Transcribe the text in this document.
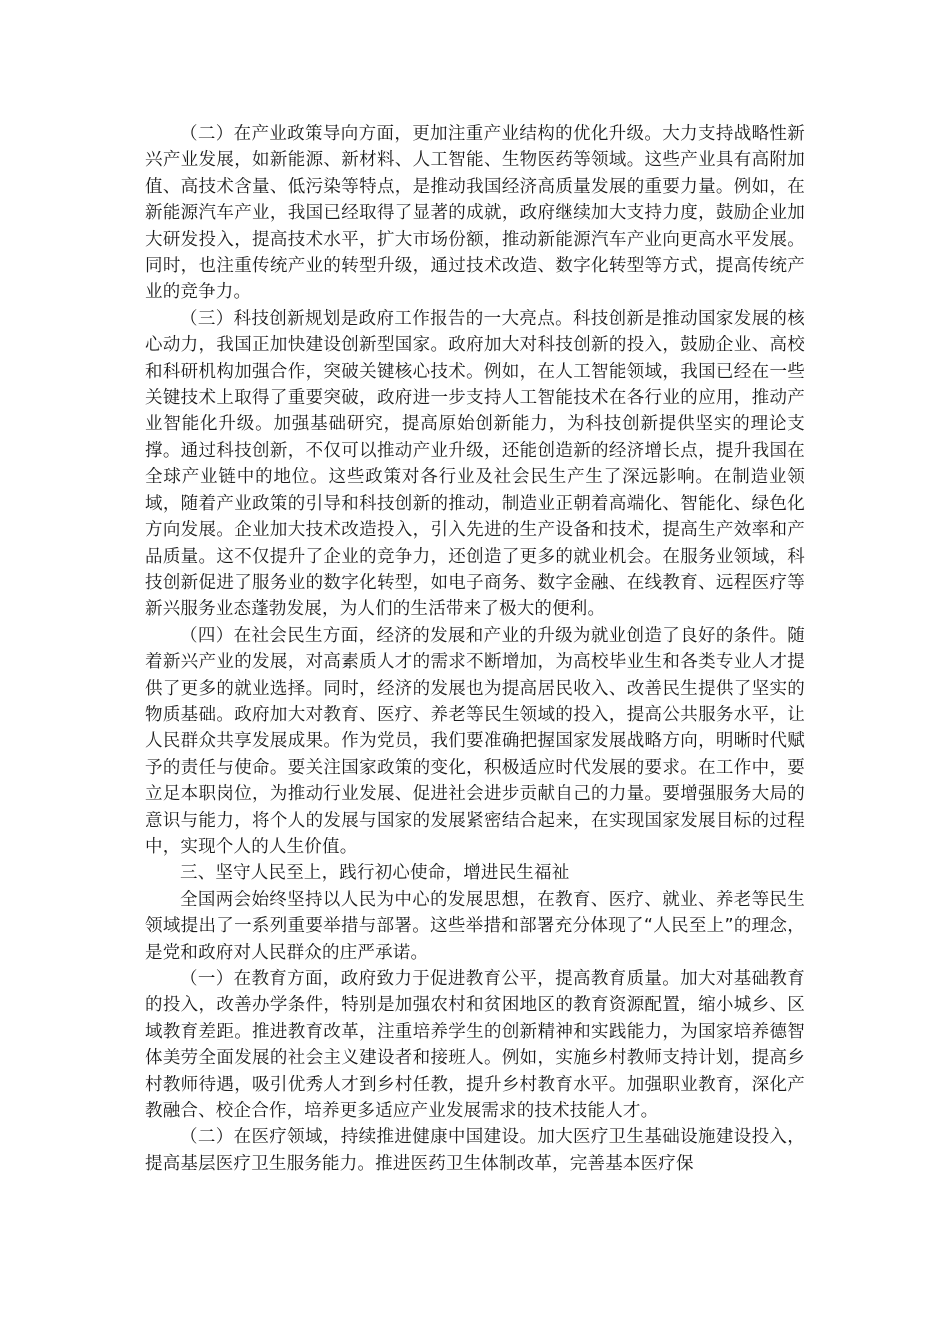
（二）在产业政策导向方面，更加注重产业结构的优化升级。大力支持战略性新兴产业发展，如新能源、新材料、人工智能、生物医药等领域。这些产业具有高附加值、高技术含量、低污染等特点，是推动我国经济高质量发展的重要力量。例如，在新能源汽车产业，我国已经取得了显著的成就，政府继续加大支持力度，鼓励企业加大研发投入，提高技术水平，扩大市场份额，推动新能源汽车产业向更高水平发展。同时，也注重传统产业的转型升级，通过技术改造、数字化转型等方式，提高传统产业的竞争力。

（三）科技创新规划是政府工作报告的一大亮点。科技创新是推动国家发展的核心动力，我国正加快建设创新型国家。政府加大对科技创新的投入，鼓励企业、高校和科研机构加强合作，突破关键核心技术。例如，在人工智能领域，我国已经在一些关键技术上取得了重要突破，政府进一步支持人工智能技术在各行业的应用，推动产业智能化升级。加强基础研究，提高原始创新能力，为科技创新提供坚实的理论支撑。通过科技创新，不仅可以推动产业升级，还能创造新的经济增长点，提升我国在全球产业链中的地位。这些政策对各行业及社会民生产生了深远影响。在制造业领域，随着产业政策的引导和科技创新的推动，制造业正朝着高端化、智能化、绿色化方向发展。企业加大技术改造投入，引入先进的生产设备和技术，提高生产效率和产品质量。这不仅提升了企业的竞争力，还创造了更多的就业机会。在服务业领域，科技创新促进了服务业的数字化转型，如电子商务、数字金融、在线教育、远程医疗等新兴服务业态蓬勃发展，为人们的生活带来了极大的便利。

（四）在社会民生方面，经济的发展和产业的升级为就业创造了良好的条件。随着新兴产业的发展，对高素质人才的需求不断增加，为高校毕业生和各类专业人才提供了更多的就业选择。同时，经济的发展也为提高居民收入、改善民生提供了坚实的物质基础。政府加大对教育、医疗、养老等民生领域的投入，提高公共服务水平，让人民群众共享发展成果。作为党员，我们要准确把握国家发展战略方向，明晰时代赋予的责任与使命。要关注国家政策的变化，积极适应时代发展的要求。在工作中，要立足本职岗位，为推动行业发展、促进社会进步贡献自己的力量。要增强服务大局的意识与能力，将个人的发展与国家的发展紧密结合起来，在实现国家发展目标的过程中，实现个人的人生价值。

三、坚守人民至上，践行初心使命，增进民生福祉

全国两会始终坚持以人民为中心的发展思想，在教育、医疗、就业、养老等民生领域提出了一系列重要举措与部署。这些举措和部署充分体现了“人民至上”的理念，是党和政府对人民群众的庄严承诺。

（一）在教育方面，政府致力于促进教育公平，提高教育质量。加大对基础教育的投入，改善办学条件，特别是加强农村和贫困地区的教育资源配置，缩小城乡、区域教育差距。推进教育改革，注重培养学生的创新精神和实践能力，为国家培养德智体美劳全面发展的社会主义建设者和接班人。例如，实施乡村教师支持计划，提高乡村教师待遇，吸引优秀人才到乡村任教，提升乡村教育水平。加强职业教育，深化产教融合、校企合作，培养更多适应产业发展需求的技术技能人才。

（二）在医疗领域，持续推进健康中国建设。加大医疗卫生基础设施建设投入，提高基层医疗卫生服务能力。推进医药卫生体制改革，完善基本医疗保
